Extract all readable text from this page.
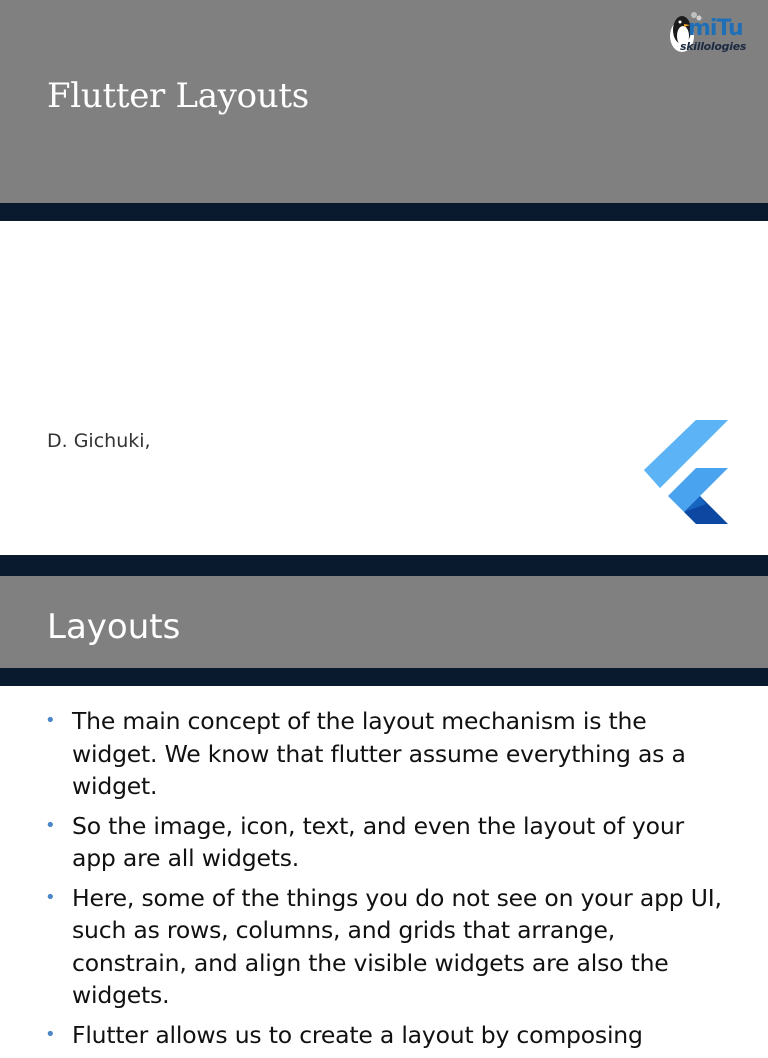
Flutter Layouts
miTu
skillologies
D. Gichuki,
Layouts
• The main concept of the layout mechanism is the widget. We know that flutter assume everything as a widget.
• So the image, icon, text, and even the layout of your app are all widgets.
• Here, some of the things you do not see on your app UI, such as rows, columns, and grids that arrange, constrain, and align the visible widgets are also the widgets.
• Flutter allows us to create a layout by composing
